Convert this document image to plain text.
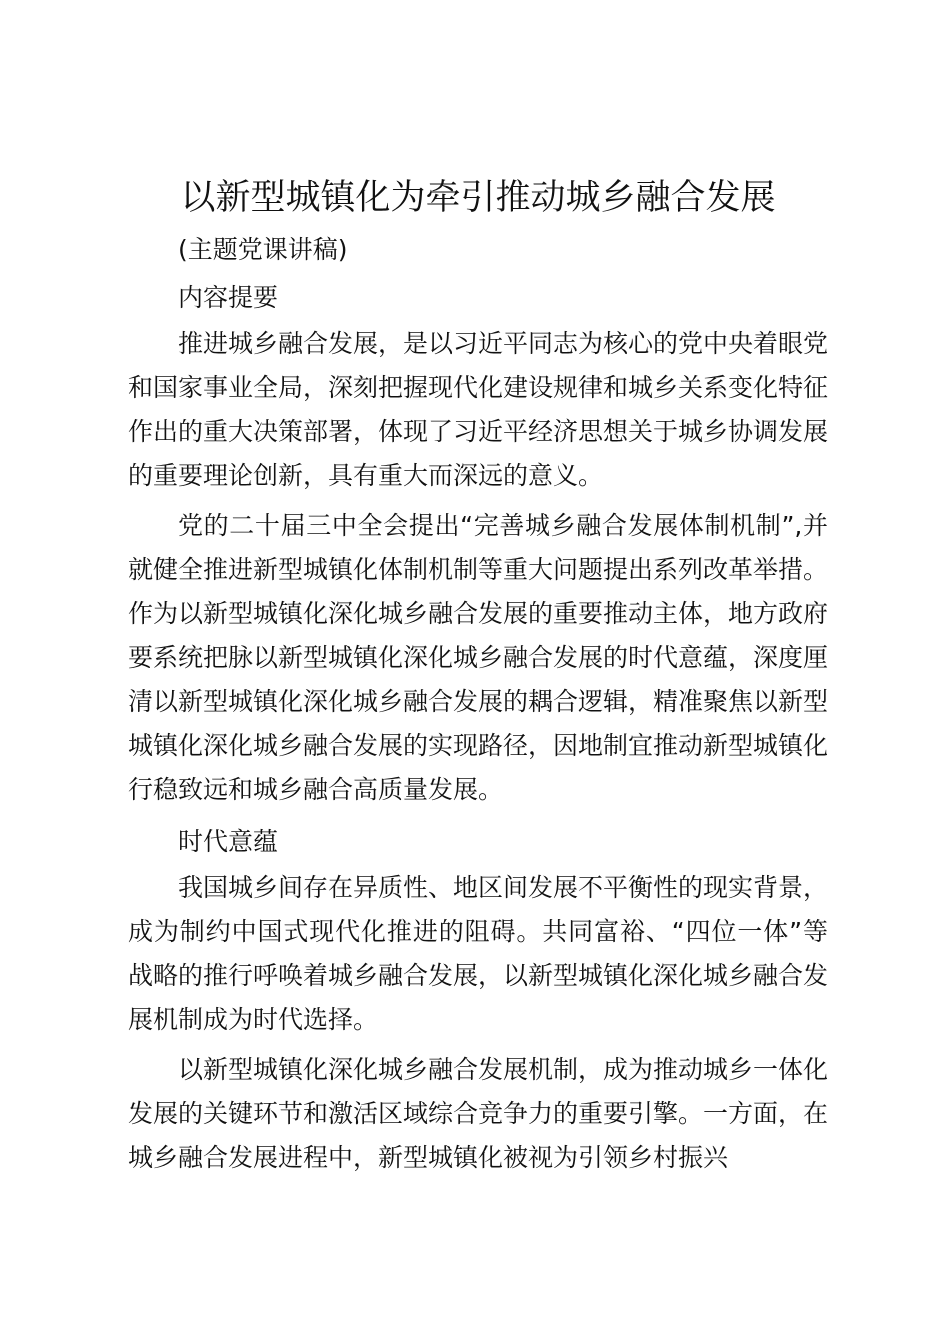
以新型城镇化为牵引推动城乡融合发展

(主题党课讲稿)

内容提要

推进城乡融合发展，是以习近平同志为核心的党中央着眼党和国家事业全局，深刻把握现代化建设规律和城乡关系变化特征作出的重大决策部署，体现了习近平经济思想关于城乡协调发展的重要理论创新，具有重大而深远的意义。

党的二十届三中全会提出“完善城乡融合发展体制机制”,并就健全推进新型城镇化体制机制等重大问题提出系列改革举措。作为以新型城镇化深化城乡融合发展的重要推动主体，地方政府要系统把脉以新型城镇化深化城乡融合发展的时代意蕴，深度厘清以新型城镇化深化城乡融合发展的耦合逻辑，精准聚焦以新型城镇化深化城乡融合发展的实现路径，因地制宜推动新型城镇化行稳致远和城乡融合高质量发展。

时代意蕴

我国城乡间存在异质性、地区间发展不平衡性的现实背景，成为制约中国式现代化推进的阻碍。共同富裕、“四位一体”等战略的推行呼唤着城乡融合发展，以新型城镇化深化城乡融合发展机制成为时代选择。

以新型城镇化深化城乡融合发展机制，成为推动城乡一体化发展的关键环节和激活区域综合竞争力的重要引擎。一方面，在城乡融合发展进程中，新型城镇化被视为引领乡村振兴
